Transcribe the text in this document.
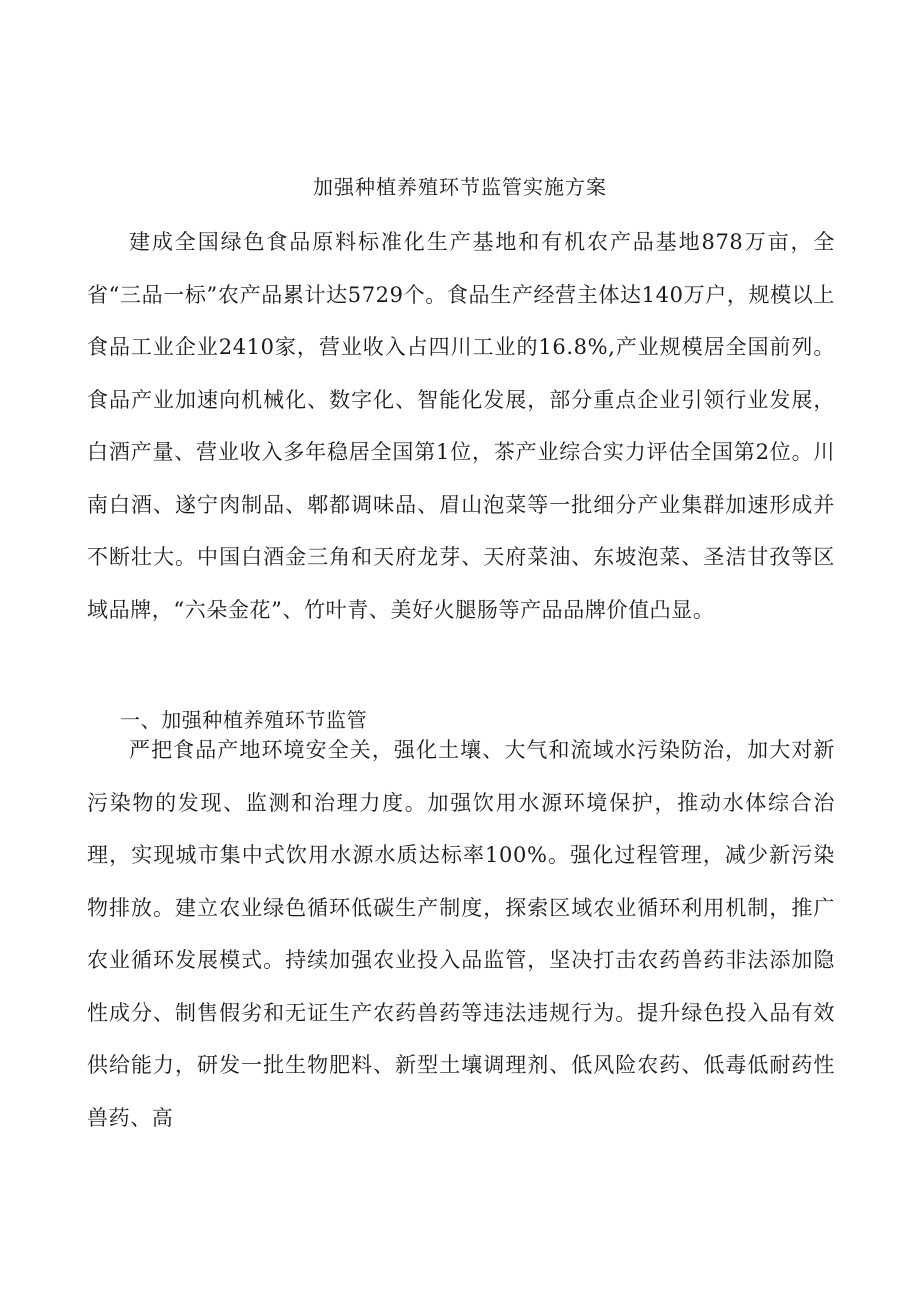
加强种植养殖环节监管实施方案

建成全国绿色食品原料标准化生产基地和有机农产品基地878万亩，全省“三品一标”农产品累计达5729个。食品生产经营主体达140万户，规模以上食品工业企业2410家，营业收入占四川工业的16.8%,产业规模居全国前列。食品产业加速向机械化、数字化、智能化发展，部分重点企业引领行业发展，白酒产量、营业收入多年稳居全国第1位，茶产业综合实力评估全国第2位。川南白酒、遂宁肉制品、郫都调味品、眉山泡菜等一批细分产业集群加速形成并不断壮大。中国白酒金三角和天府龙芽、天府菜油、东坡泡菜、圣洁甘孜等区域品牌，“六朵金花”、竹叶青、美好火腿肠等产品品牌价值凸显。

一、加强种植养殖环节监管

严把食品产地环境安全关，强化土壤、大气和流域水污染防治，加大对新污染物的发现、监测和治理力度。加强饮用水源环境保护，推动水体综合治理，实现城市集中式饮用水源水质达标率100%。强化过程管理，减少新污染物排放。建立农业绿色循环低碳生产制度，探索区域农业循环利用机制，推广农业循环发展模式。持续加强农业投入品监管，坚决打击农药兽药非法添加隐性成分、制售假劣和无证生产农药兽药等违法违规行为。提升绿色投入品有效供给能力，研发一批生物肥料、新型土壤调理剂、低风险农药、低毒低耐药性兽药、高
